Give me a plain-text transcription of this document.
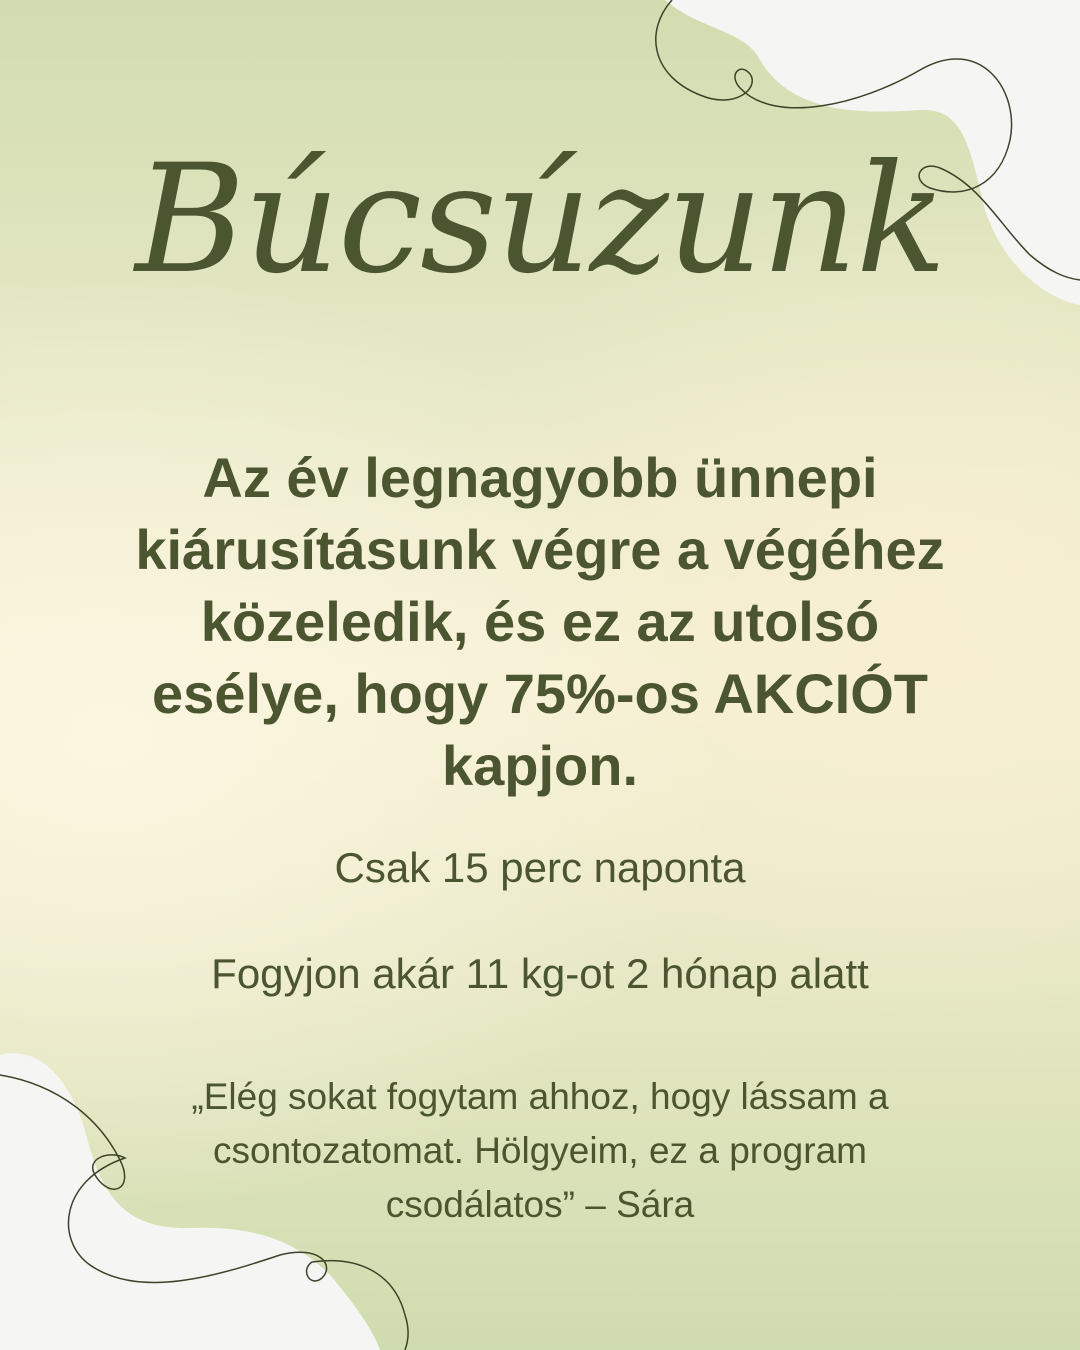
Búcsúzunk
Az év legnagyobb ünnepi kiárusításunk végre a végéhez közeledik, és ez az utolsó esélye, hogy 75%-os AKCIÓT kapjon.
Csak 15 perc naponta
Fogyjon akár 11 kg-ot 2 hónap alatt
„Elég sokat fogytam ahhoz, hogy lássam a csontozatomat. Hölgyeim, ez a program csodálatos” – Sára
